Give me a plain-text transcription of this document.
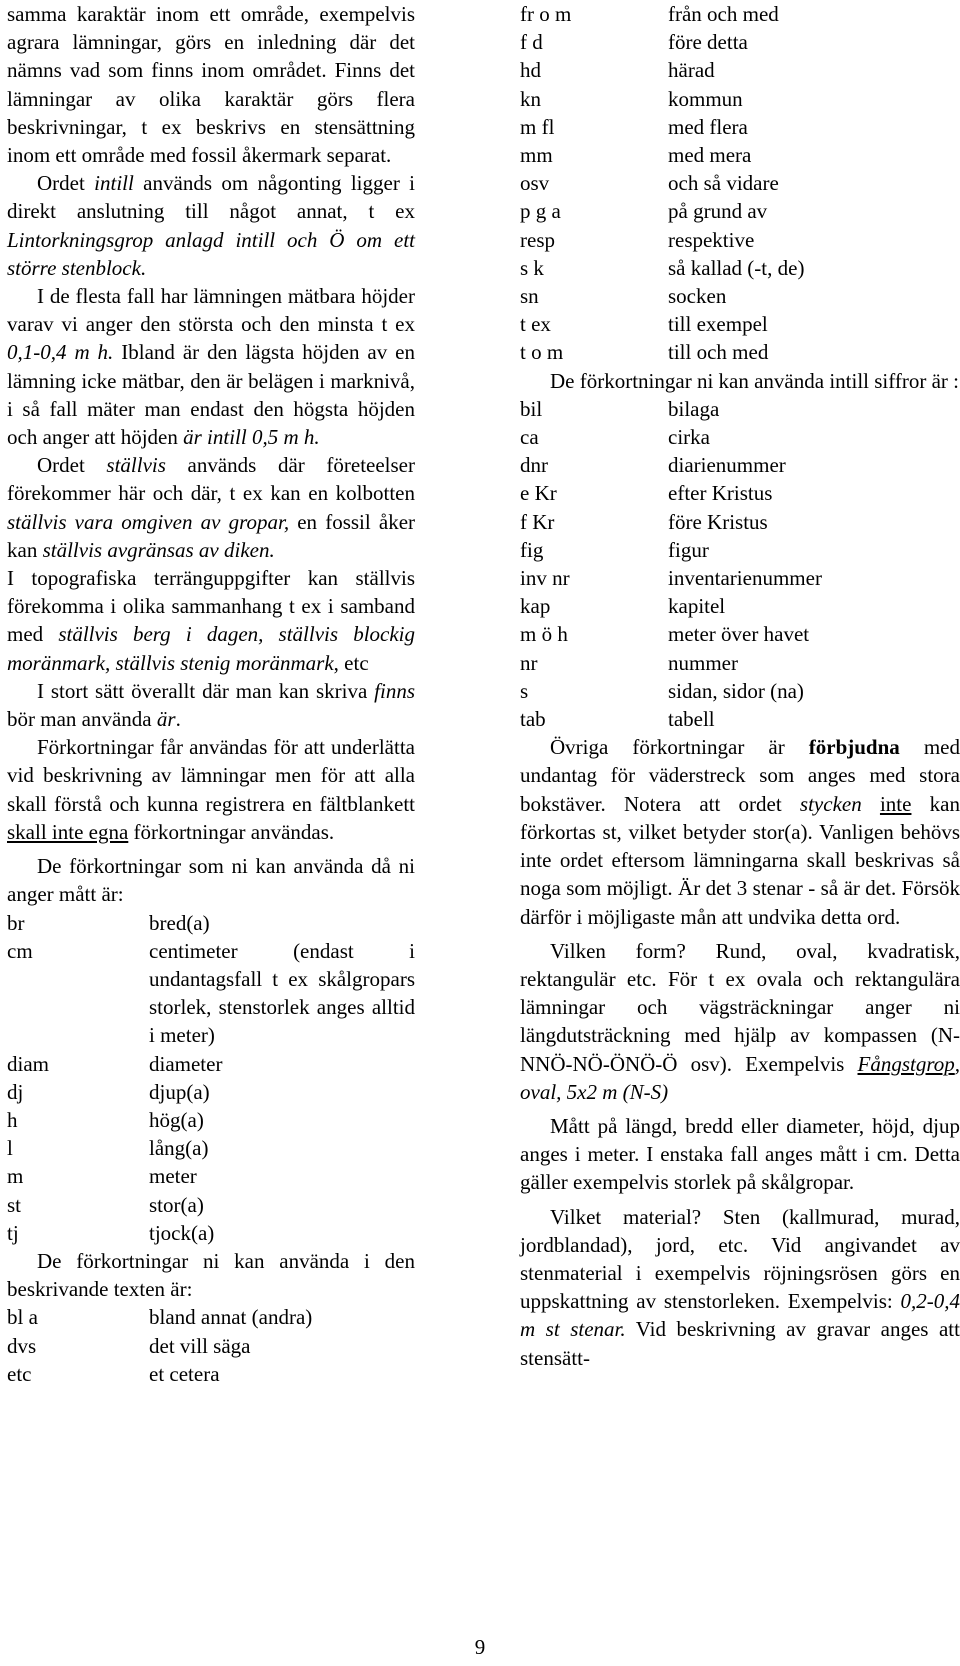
samma karaktär inom ett område, exempelvis agrara lämningar, görs en inledning där det nämns vad som finns inom området. Finns det lämningar av olika karaktär görs flera beskrivningar, t ex beskrivs en stensättning inom ett område med fossil åkermark separat.

Ordet intill används om någonting ligger i direkt anslutning till något annat, t ex Lintorkningsgrop anlagd intill och Ö om ett större stenblock.

I de flesta fall har lämningen mätbara höjder varav vi anger den största och den minsta t ex 0,1-0,4 m h. Ibland är den lägsta höjden av en lämning icke mätbar, den är belägen i marknivå, i så fall mäter man endast den högsta höjden och anger att höjden är intill 0,5 m h.

Ordet ställvis används där företeelser förekommer här och där, t ex kan en kolbotten ställvis vara omgiven av gropar, en fossil åker kan ställvis avgränsas av diken.

I topografiska terränguppgifter kan ställvis förekomma i olika sammanhang t ex i samband med ställvis berg i dagen, ställvis blockig moränmark, ställvis stenig moränmark, etc

I stort sätt överallt där man kan skriva finns bör man använda är.

Förkortningar får användas för att underlätta vid beskrivning av lämningar men för att alla skall förstå och kunna registrera en fältblankett skall inte egna förkortningar användas.

De förkortningar som ni kan använda då ni anger mått är:

br	bred(a)
cm	centimeter (endast i undantagsfall t ex skålgropars storlek, stenstorlek anges alltid i meter)
diam	diameter
dj	djup(a)
h	hög(a)
l	lång(a)
m	meter
st	stor(a)
tj	tjock(a)

De förkortningar ni kan använda i den beskrivande texten är:

bl a	bland annat (andra)
dvs	det vill säga
etc	et cetera
fr o m	från och med
f d	före detta
hd	härad
kn	kommun
m fl	med flera
mm	med mera
osv	och så vidare
p g a	på grund av
resp	respektive
s k	så kallad (-t, de)
sn	socken
t ex	till exempel
t o m	till och med

De förkortningar ni kan använda intill siffror är :

bil	bilaga
ca	cirka
dnr	diarienummer
e Kr	efter Kristus
f Kr	före Kristus
fig	figur
inv nr	inventarienummer
kap	kapitel
m ö h	meter över havet
nr	nummer
s	sidan, sidor (na)
tab	tabell

Övriga förkortningar är förbjudna med undantag för väderstreck som anges med stora bokstäver. Notera att ordet stycken inte kan förkortas st, vilket betyder stor(a). Vanligen behövs inte ordet eftersom lämningarna skall beskrivas så noga som möjligt. Är det 3 stenar - så är det. Försök därför i möjligaste mån att undvika detta ord.

Vilken form? Rund, oval, kvadratisk, rektangulär etc. För t ex ovala och rektangulära lämningar och vägsträckningar anger ni längdutsträckning med hjälp av kompassen (N-NNÖ-NÖ-ÖNÖ-Ö osv). Exempelvis Fångstgrop, oval, 5x2 m (N-S)

Mått på längd, bredd eller diameter, höjd, djup anges i meter. I enstaka fall anges mått i cm. Detta gäller exempelvis storlek på skålgropar.

Vilket material? Sten (kallmurad, murad, jordblandad), jord, etc. Vid angivandet av stenmaterial i exempelvis röjningsrösen görs en uppskattning av stenstorleken. Exempelvis: 0,2-0,4 m st stenar. Vid beskrivning av gravar anges att stensätt-

9
